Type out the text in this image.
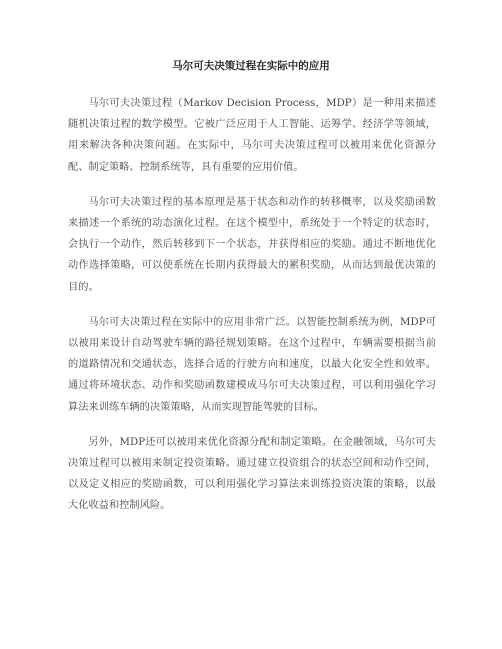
马尔可夫决策过程在实际中的应用

马尔可夫决策过程（Markov Decision Process，MDP）是一种用来描述随机决策过程的数学模型。它被广泛应用于人工智能、运筹学、经济学等领域，用来解决各种决策问题。在实际中，马尔可夫决策过程可以被用来优化资源分配、制定策略、控制系统等，具有重要的应用价值。

马尔可夫决策过程的基本原理是基于状态和动作的转移概率，以及奖励函数来描述一个系统的动态演化过程。在这个模型中，系统处于一个特定的状态时，会执行一个动作，然后转移到下一个状态，并获得相应的奖励。通过不断地优化动作选择策略，可以使系统在长期内获得最大的累积奖励，从而达到最优决策的目的。

马尔可夫决策过程在实际中的应用非常广泛。以智能控制系统为例，MDP可以被用来设计自动驾驶车辆的路径规划策略。在这个过程中，车辆需要根据当前的道路情况和交通状态，选择合适的行驶方向和速度，以最大化安全性和效率。通过将环境状态、动作和奖励函数建模成马尔可夫决策过程，可以利用强化学习算法来训练车辆的决策策略，从而实现智能驾驶的目标。

另外，MDP还可以被用来优化资源分配和制定策略。在金融领域，马尔可夫决策过程可以被用来制定投资策略。通过建立投资组合的状态空间和动作空间，以及定义相应的奖励函数，可以利用强化学习算法来训练投资决策的策略，以最大化收益和控制风险。
